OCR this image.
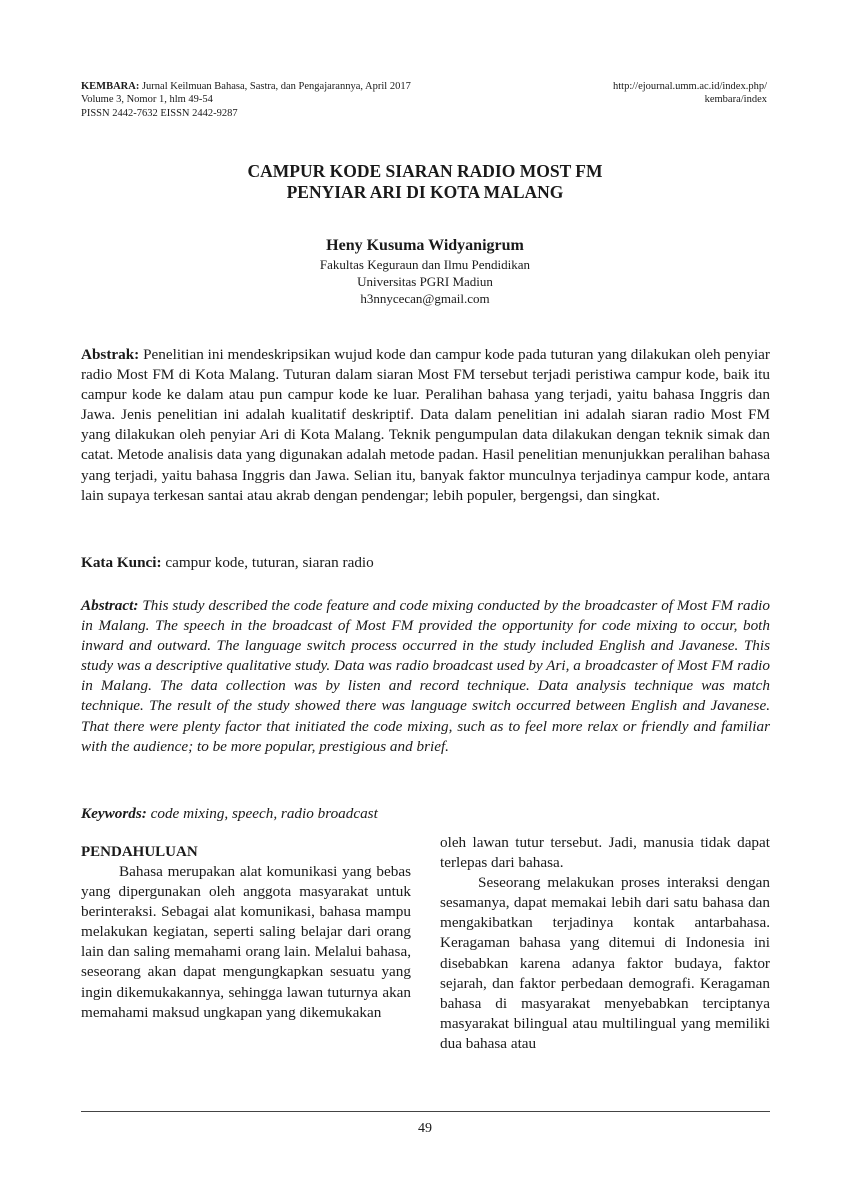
KEMBARA: Jurnal Keilmuan Bahasa, Sastra, dan Pengajarannya, April 2017
Volume 3, Nomor 1, hlm 49-54
PISSN 2442-7632 EISSN 2442-9287
http://ejournal.umm.ac.id/index.php/
kembara/index
CAMPUR KODE SIARAN RADIO MOST FM
PENYIAR ARI DI KOTA MALANG
Heny Kusuma Widyanigrum
Fakultas Keguraun dan Ilmu Pendidikan
Universitas PGRI Madiun
h3nnycecan@gmail.com
Abstrak: Penelitian ini mendeskripsikan wujud kode dan campur kode pada tuturan yang dilakukan oleh penyiar radio Most FM di Kota Malang. Tuturan dalam siaran Most FM tersebut terjadi peristiwa campur kode, baik itu campur kode ke dalam atau pun campur kode ke luar. Peralihan bahasa yang terjadi, yaitu bahasa Inggris dan Jawa. Jenis penelitian ini adalah kualitatif deskriptif. Data dalam penelitian ini adalah siaran radio Most FM yang dilakukan oleh penyiar Ari di Kota Malang. Teknik pengumpulan data dilakukan dengan teknik simak dan catat. Metode analisis data yang digunakan adalah metode padan. Hasil penelitian menunjukkan peralihan bahasa yang terjadi, yaitu bahasa Inggris dan Jawa. Selian itu, banyak faktor munculnya terjadinya campur kode, antara lain supaya terkesan santai atau akrab dengan pendengar; lebih populer, bergengsi, dan singkat.
Kata Kunci: campur kode, tuturan, siaran radio
Abstract: This study described the code feature and code mixing conducted by the broadcaster of Most FM radio in Malang. The speech in the broadcast of Most FM provided the opportunity for code mixing to occur, both inward and outward. The language switch process occurred in the study included English and Javanese. This study was a descriptive qualitative study. Data was radio broadcast used by Ari, a broadcaster of Most FM radio in Malang. The data collection was by listen and record technique. Data analysis technique was match technique. The result of the study showed there was language switch occurred between English and Javanese. That there were plenty factor that initiated the code mixing, such as to feel more relax or friendly and familiar with the audience; to be more popular, prestigious and brief.
Keywords: code mixing, speech, radio broadcast

PENDAHULUAN

Bahasa merupakan alat komunikasi yang bebas yang dipergunakan oleh anggota masyarakat untuk berinteraksi. Sebagai alat komunikasi, bahasa mampu melakukan kegiatan, seperti saling belajar dari orang lain dan saling memahami orang lain. Melalui bahasa, seseorang akan dapat mengungkapkan sesuatu yang ingin dikemukakannya, sehingga lawan tuturnya akan memahami maksud ungkapan yang dikemukakan

oleh lawan tutur tersebut. Jadi, manusia tidak dapat terlepas dari bahasa.

Seseorang melakukan proses interaksi dengan sesamanya, dapat memakai lebih dari satu bahasa dan mengakibatkan terjadinya kontak antarbahasa. Keragaman bahasa yang ditemui di Indonesia ini disebabkan karena adanya faktor budaya, faktor sejarah, dan faktor perbedaan demografi. Keragaman bahasa di masyarakat menyebabkan terciptanya masyarakat bilingual atau multilingual yang memiliki dua bahasa atau

49
